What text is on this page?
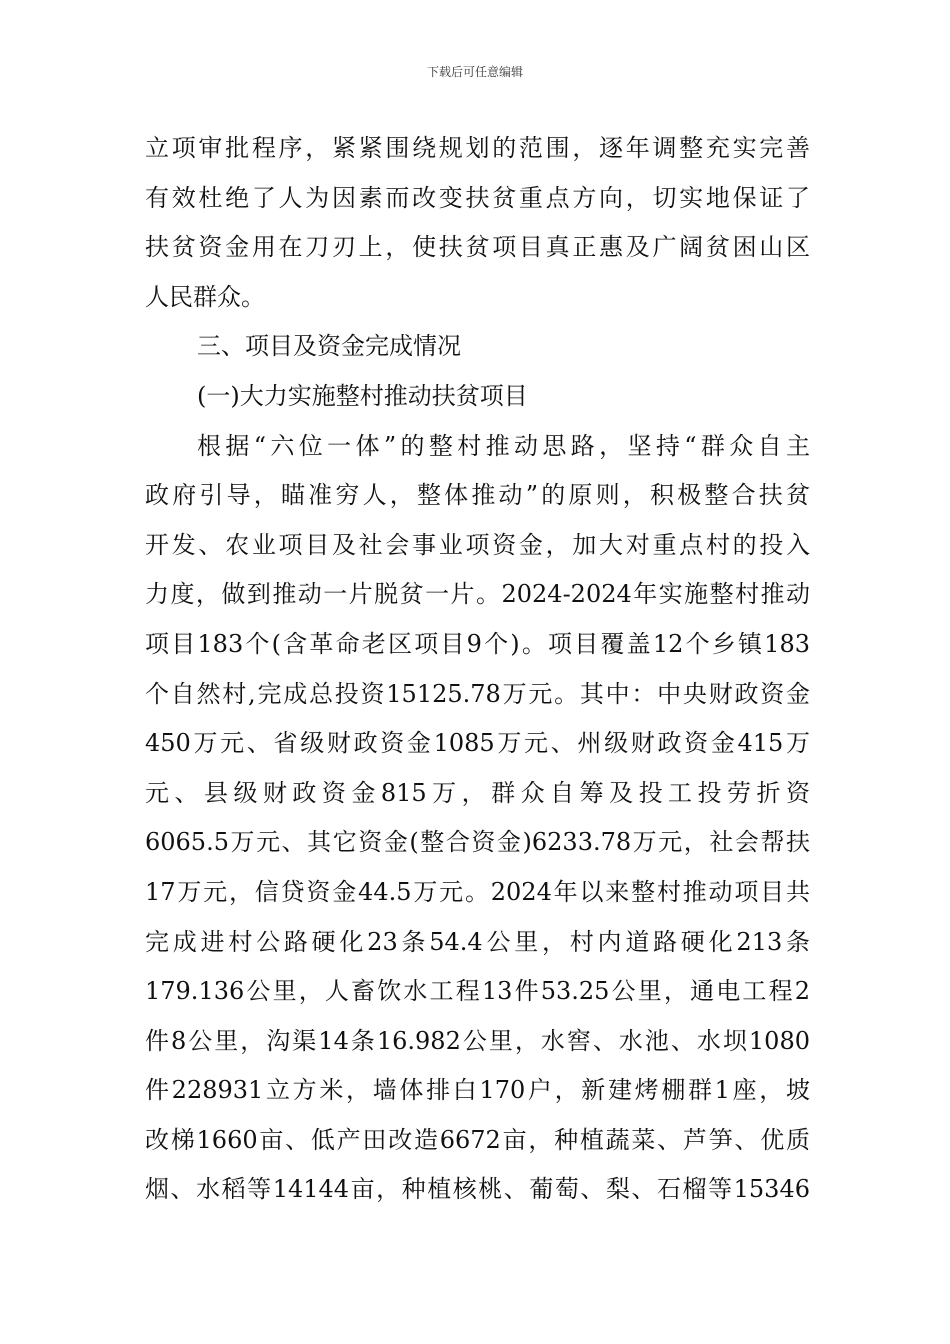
下载后可任意编辑
立项审批程序，紧紧围绕规划的范围，逐年调整充实完善
有效杜绝了人为因素而改变扶贫重点方向，切实地保证了
扶贫资金用在刀刃上，使扶贫项目真正惠及广阔贫困山区
人民群众。
三、项目及资金完成情况
(一)大力实施整村推动扶贫项目
根据“六位一体”的整村推动思路，坚持“群众自主
政府引导，瞄准穷人，整体推动”的原则，积极整合扶贫
开发、农业项目及社会事业项资金，加大对重点村的投入
力度，做到推动一片脱贫一片。2024-2024年实施整村推动
项目183个(含革命老区项目9个)。项目覆盖12个乡镇183
个自然村,完成总投资15125.78万元。其中：中央财政资金
450万元、省级财政资金1085万元、州级财政资金415万
元、县级财政资金815万，群众自筹及投工投劳折资
6065.5万元、其它资金(整合资金)6233.78万元，社会帮扶
17万元，信贷资金44.5万元。2024年以来整村推动项目共
完成进村公路硬化23条54.4公里，村内道路硬化213条
179.136公里，人畜饮水工程13件53.25公里，通电工程2
件8公里，沟渠14条16.982公里，水窖、水池、水坝1080
件228931立方米，墙体排白170户，新建烤棚群1座，坡
改梯1660亩、低产田改造6672亩，种植蔬菜、芦笋、优质
烟、水稻等14144亩，种植核桃、葡萄、梨、石榴等15346
